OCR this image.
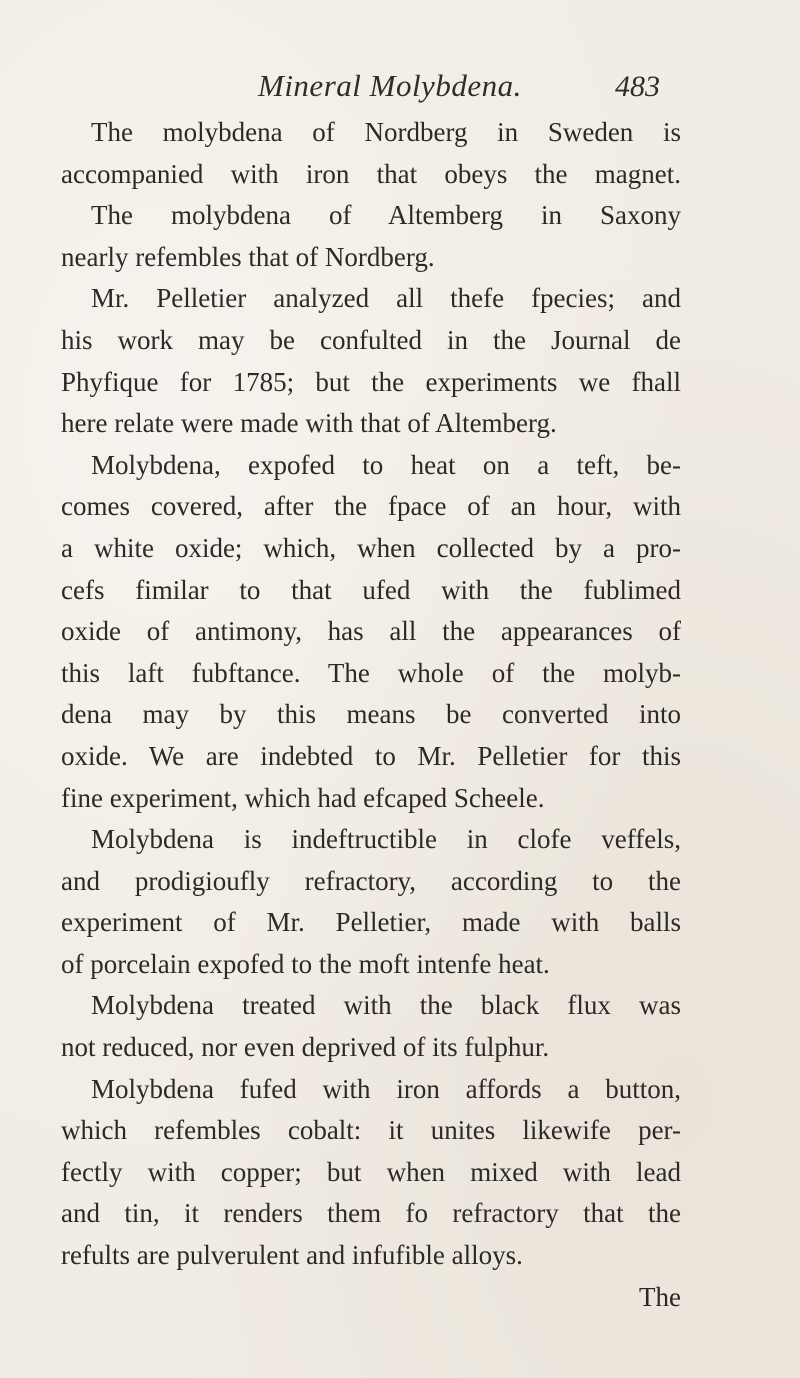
Mineral Molybdena.	483
The molybdena of Nordberg in Sweden is
accompanied with iron that obeys the magnet.
The molybdena of Altemberg in Saxony
nearly refembles that of Nordberg.
Mr. Pelletier analyzed all thefe fpecies; and
his work may be confulted in the Journal de
Phyfique for 1785; but the experiments we fhall
here relate were made with that of Altemberg.
Molybdena, expofed to heat on a teft, be-
comes covered, after the fpace of an hour, with
a white oxide; which, when collected by a pro-
cefs fimilar to that ufed with the fublimed
oxide of antimony, has all the appearances of
this laft fubftance. The whole of the molyb-
dena may by this means be converted into
oxide. We are indebted to Mr. Pelletier for this
fine experiment, which had efcaped Scheele.
Molybdena is indeftructible in clofe veffels,
and prodigioufly refractory, according to the
experiment of Mr. Pelletier, made with balls
of porcelain expofed to the moft intenfe heat.
Molybdena treated with the black flux was
not reduced, nor even deprived of its fulphur.
Molybdena fufed with iron affords a button,
which refembles cobalt: it unites likewife per-
fectly with copper; but when mixed with lead
and tin, it renders them fo refractory that the
refults are pulverulent and infufible alloys.
The
